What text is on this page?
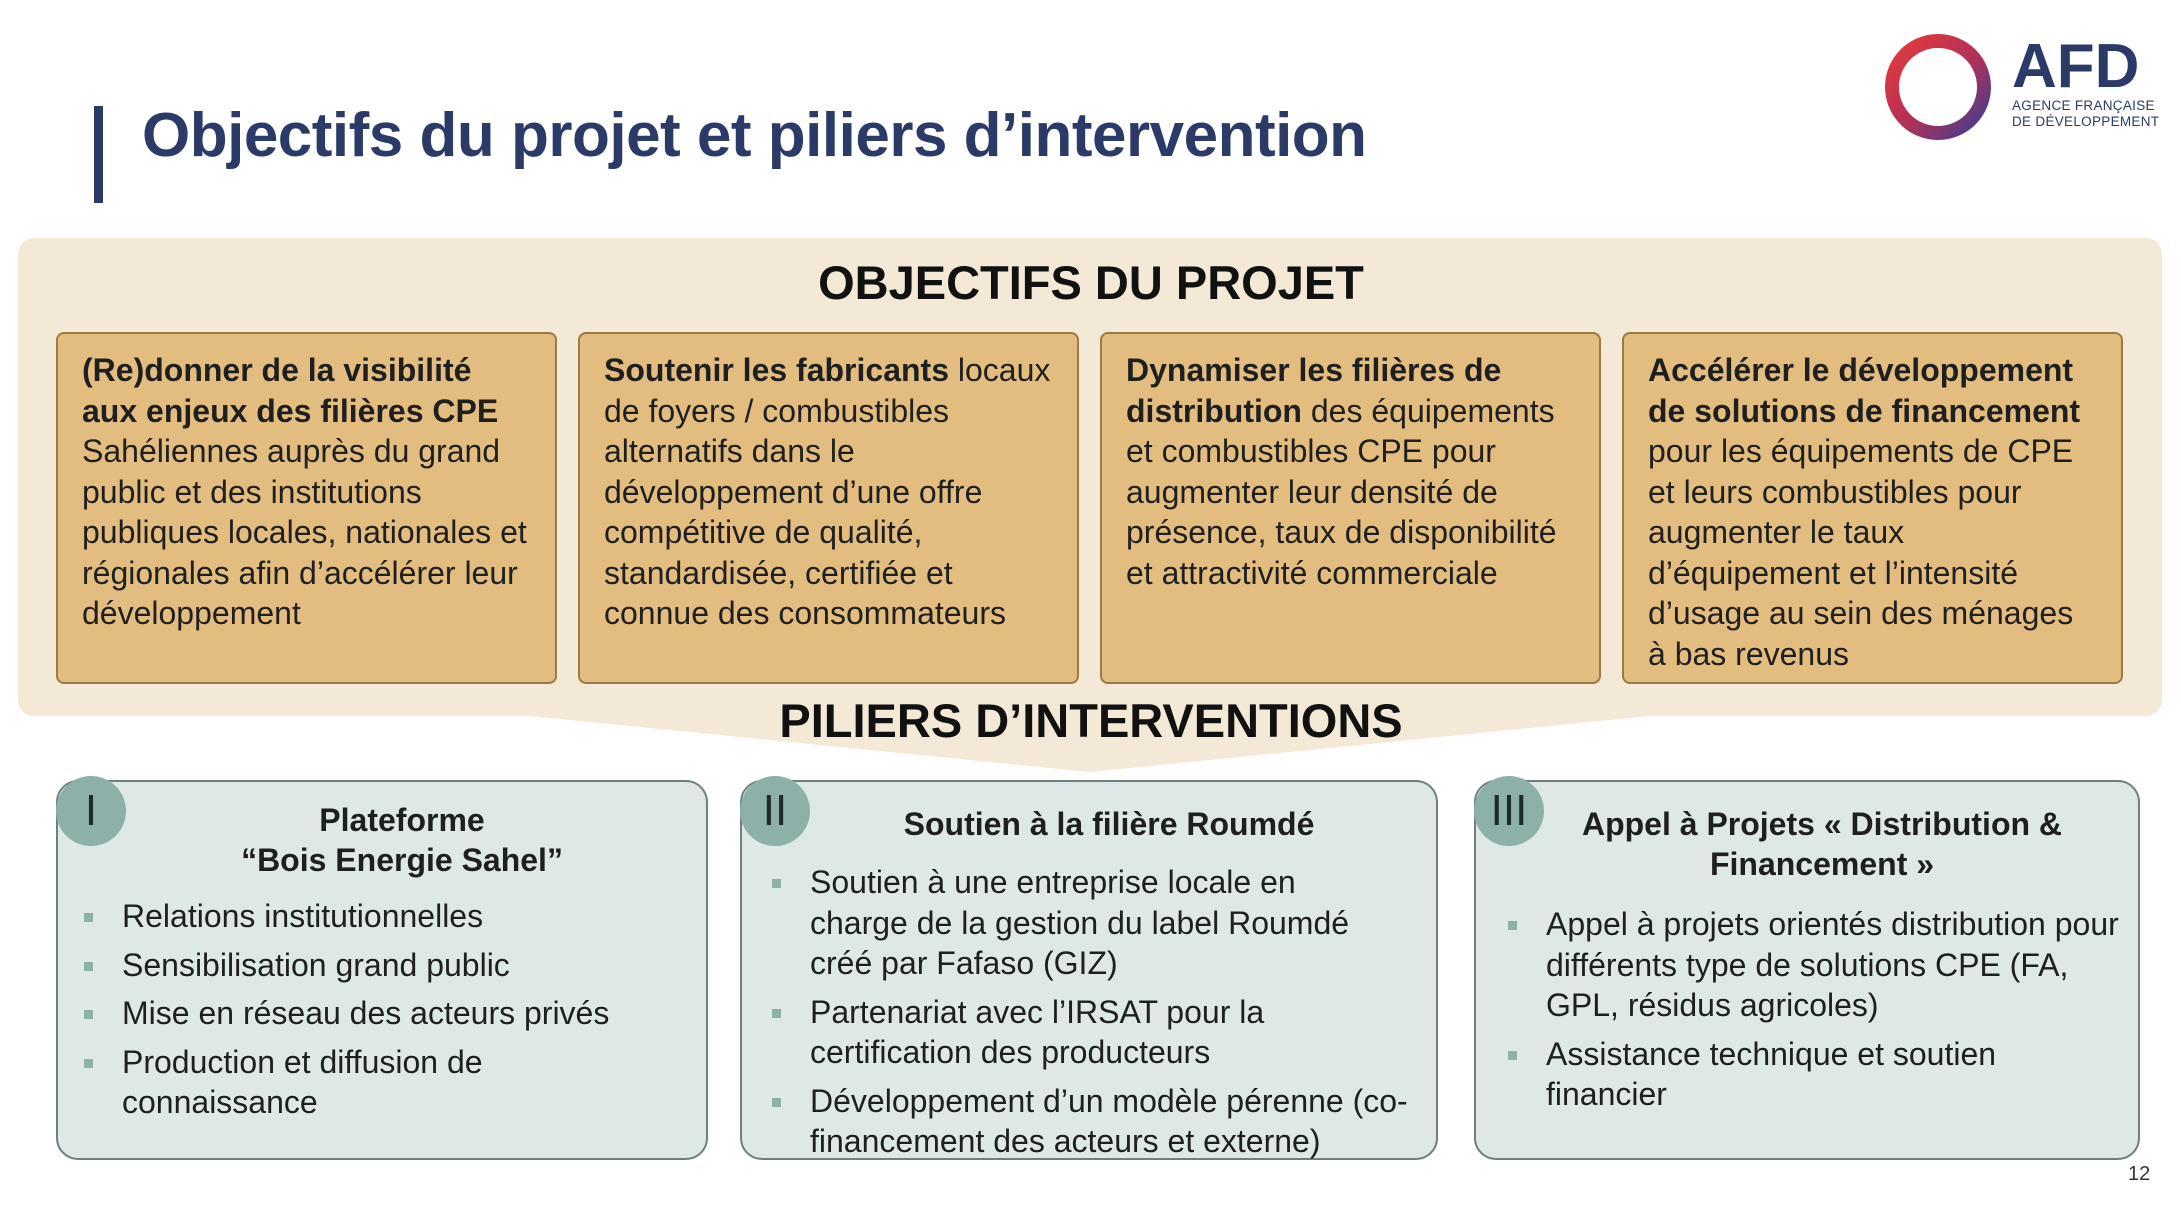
Objectifs du projet et piliers d’intervention
AFD
AGENCE FRANÇAISE
DE DÉVELOPPEMENT
OBJECTIFS DU PROJET
(Re)donner de la visibilité aux enjeux des filières CPE Sahéliennes auprès du grand public et des institutions publiques locales, nationales et régionales afin d’accélérer leur développement
Soutenir les fabricants locaux de foyers / combustibles alternatifs dans le développement d’une offre compétitive de qualité, standardisée, certifiée et connue des consommateurs
Dynamiser les filières de distribution des équipements et combustibles CPE pour augmenter leur densité de présence, taux de disponibilité et attractivité commerciale
Accélérer le développement de solutions de financement pour les équipements de CPE et leurs combustibles pour augmenter le taux d’équipement et l’intensité d’usage au sein des ménages à bas revenus
PILIERS D’INTERVENTIONS
I	Plateforme
“Bois Energie Sahel”
Relations institutionnelles
Sensibilisation grand public
Mise en réseau des acteurs privés
Production et diffusion de connaissance
II	Soutien à la filière Roumdé
Soutien à une entreprise locale en charge de la gestion du label Roumdé créé par Fafaso (GIZ)
Partenariat avec l’IRSAT pour la certification des producteurs
Développement d’un modèle pérenne (co-financement des acteurs et externe)
III	Appel à Projets « Distribution &
Financement »
Appel à projets orientés distribution pour différents type de solutions CPE (FA, GPL, résidus agricoles)
Assistance technique et soutien financier
12
